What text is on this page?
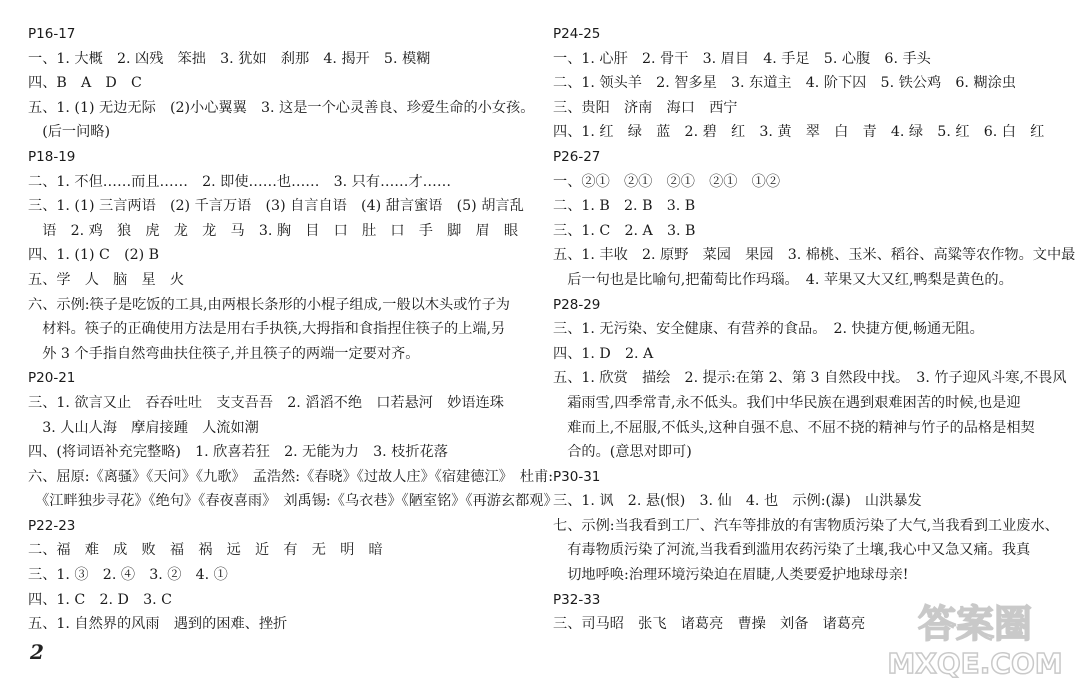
P16-17
一、1. 大概　2. 凶残　笨拙　3. 犹如　刹那　4. 揭开　5. 模糊
四、B　A　D　C
五、1. (1) 无边无际　(2)小心翼翼　3. 这是一个心灵善良、珍爱生命的小女孩。
　(后一问略)
P18-19
二、1. 不但……而且……　2. 即使……也……　3. 只有……才……
三、1. (1) 三言两语　(2) 千言万语　(3) 自言自语　(4) 甜言蜜语　(5) 胡言乱
　语　2. 鸡　狼　虎　龙　龙　马　3. 胸　目　口　肚　口　手　脚　眉　眼
四、1. (1) C　(2) B
五、学　人　脑　星　火
六、示例:筷子是吃饭的工具,由两根长条形的小棍子组成,一般以木头或竹子为
　材料。筷子的正确使用方法是用右手执筷,大拇指和食指捏住筷子的上端,另
　外 3 个手指自然弯曲扶住筷子,并且筷子的两端一定要对齐。
P20-21
三、1. 欲言又止　吞吞吐吐　支支吾吾　2. 滔滔不绝　口若悬河　妙语连珠
　3. 人山人海　摩肩接踵　人流如潮
四、(将词语补充完整略)　1. 欣喜若狂　2. 无能为力　3. 枝折花落
六、屈原:《离骚》《天问》《九歌》　孟浩然:《春晓》《过故人庄》《宿建德江》　杜甫:
　《江畔独步寻花》《绝句》《春夜喜雨》　刘禹锡:《乌衣巷》《陋室铭》《再游玄都观》
P22-23
二、福　难　成　败　福　祸　远　近　有　无　明　暗
三、1. ③　2. ④　3. ②　4. ①
四、1. C　2. D　3. C
五、1. 自然界的风雨　遇到的困难、挫折
P24-25
一、1. 心肝　2. 骨干　3. 眉目　4. 手足　5. 心腹　6. 手头
二、1. 领头羊　2. 智多星　3. 东道主　4. 阶下囚　5. 铁公鸡　6. 糊涂虫
三、贵阳　济南　海口　西宁
四、1. 红　绿　蓝　2. 碧　红　3. 黄　翠　白　青　4. 绿　5. 红　6. 白　红
P26-27
一、②①　②①　②①　②①　①②
二、1. B　2. B　3. B
三、1. C　2. A　3. B
五、1. 丰收　2. 原野　菜园　果园　3. 棉桃、玉米、稻谷、高粱等农作物。文中最
　后一句也是比喻句,把葡萄比作玛瑙。　4. 苹果又大又红,鸭梨是黄色的。
P28-29
三、1. 无污染、安全健康、有营养的食品。　2. 快捷方便,畅通无阻。
四、1. D　2. A
五、1. 欣赏　描绘　2. 提示:在第 2、第 3 自然段中找。　3. 竹子迎风斗寒,不畏风
　霜雨雪,四季常青,永不低头。我们中华民族在遇到艰难困苦的时候,也是迎
　难而上,不屈服,不低头,这种自强不息、不屈不挠的精神与竹子的品格是相契
　合的。(意思对即可)
P30-31
三、1. 讽　2. 悬(恨)　3. 仙　4. 也　示例:(瀑)　山洪暴发
七、示例:当我看到工厂、汽车等排放的有害物质污染了大气,当我看到工业废水、
　有毒物质污染了河流,当我看到滥用农药污染了土壤,我心中又急又痛。我真
　切地呼唤:治理环境污染迫在眉睫,人类要爱护地球母亲!
P32-33
三、司马昭　张飞　诸葛亮　曹操　刘备　诸葛亮
2
答案圈
MXQE.COM
